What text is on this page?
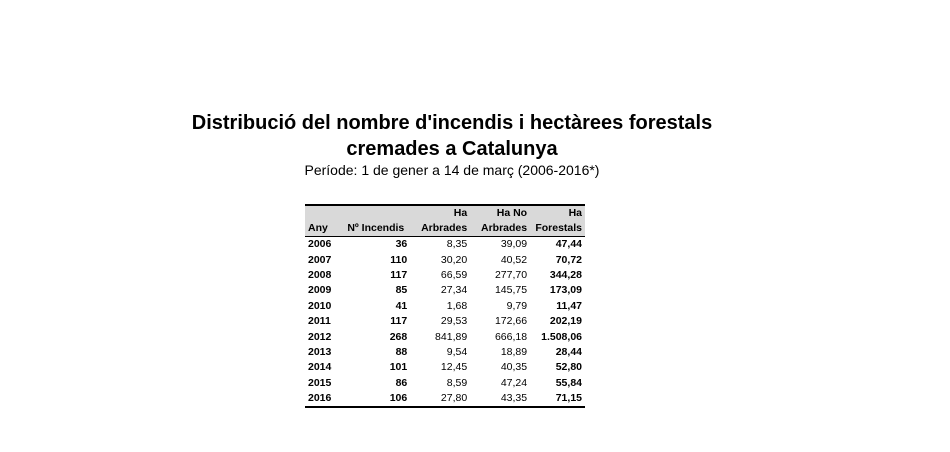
Distribució del nombre d'incendis i hectàrees forestals
cremades a Catalunya
Període: 1 de gener a 14 de març (2006-2016*)
		Ha	Ha No	Ha
Any	Nº Incendis	Arbrades	Arbrades	Forestals
2006	36	8,35	39,09	47,44
2007	110	30,20	40,52	70,72
2008	117	66,59	277,70	344,28
2009	85	27,34	145,75	173,09
2010	41	1,68	9,79	11,47
2011	117	29,53	172,66	202,19
2012	268	841,89	666,18	1.508,06
2013	88	9,54	18,89	28,44
2014	101	12,45	40,35	52,80
2015	86	8,59	47,24	55,84
2016	106	27,80	43,35	71,15
